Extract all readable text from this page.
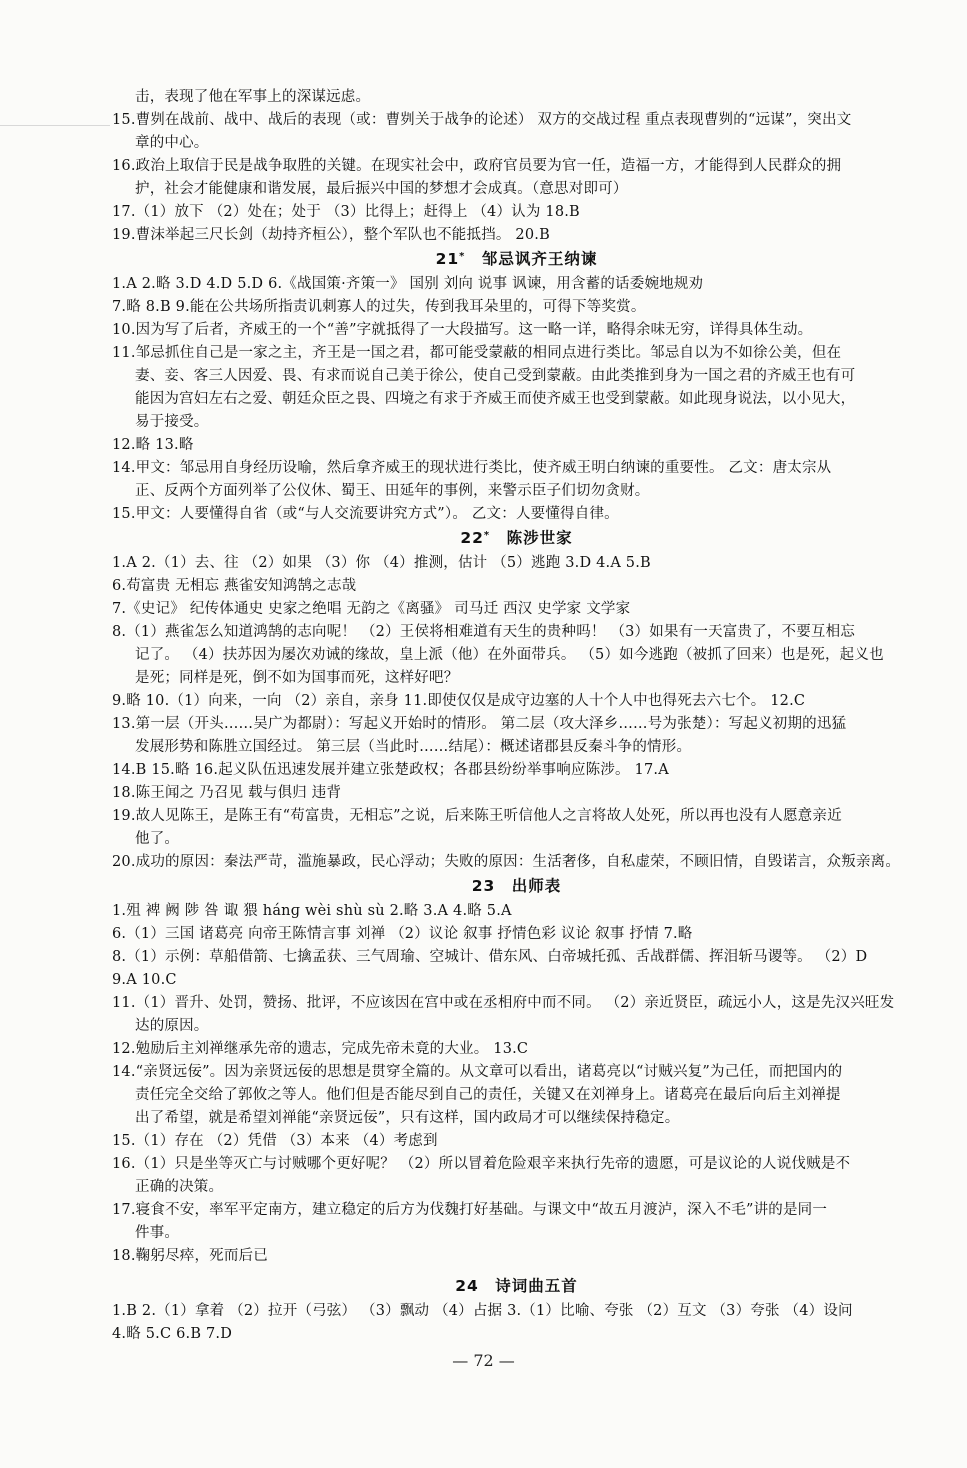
击，表现了他在军事上的深谋远虑。
15.曹刿在战前、战中、战后的表现（或：曹刿关于战争的论述） 双方的交战过程 重点表现曹刿的“远谋”，突出文
章的中心。
16.政治上取信于民是战争取胜的关键。在现实社会中，政府官员要为官一任，造福一方，才能得到人民群众的拥
护，社会才能健康和谐发展，最后振兴中国的梦想才会成真。（意思对即可）
17.（1）放下 （2）处在；处于 （3）比得上；赶得上 （4）认为 18.B
19.曹沫举起三尺长剑（劫持齐桓公），整个军队也不能抵挡。 20.B
21*  邹忌讽齐王纳谏
1.A 2.略 3.D 4.D 5.D 6.《战国策·齐策一》 国别 刘向 说事 讽谏，用含蓄的话委婉地规劝
7.略 8.B 9.能在公共场所指责讥刺寡人的过失，传到我耳朵里的，可得下等奖赏。
10.因为写了后者，齐威王的一个“善”字就抵得了一大段描写。这一略一详，略得余味无穷，详得具体生动。
11.邹忌抓住自己是一家之主，齐王是一国之君，都可能受蒙蔽的相同点进行类比。邹忌自以为不如徐公美，但在
妻、妾、客三人因爱、畏、有求而说自己美于徐公，使自己受到蒙蔽。由此类推到身为一国之君的齐威王也有可
能因为宫妇左右之爱、朝廷众臣之畏、四境之有求于齐威王而使齐威王也受到蒙蔽。如此现身说法，以小见大，
易于接受。
12.略 13.略
14.甲文：邹忌用自身经历设喻，然后拿齐威王的现状进行类比，使齐威王明白纳谏的重要性。 乙文：唐太宗从
正、反两个方面列举了公仪休、蜀王、田延年的事例，来警示臣子们切勿贪财。
15.甲文：人要懂得自省（或“与人交流要讲究方式”）。 乙文：人要懂得自律。
22*  陈涉世家
1.A 2.（1）去、往 （2）如果 （3）你 （4）推测，估计 （5）逃跑 3.D 4.A 5.B
6.苟富贵 无相忘 燕雀安知鸿鹄之志哉
7.《史记》 纪传体通史 史家之绝唱 无韵之《离骚》 司马迁 西汉 史学家 文学家
8.（1）燕雀怎么知道鸿鹄的志向呢！ （2）王侯将相难道有天生的贵种吗！ （3）如果有一天富贵了，不要互相忘
记了。 （4）扶苏因为屡次劝诫的缘故，皇上派（他）在外面带兵。 （5）如今逃跑（被抓了回来）也是死，起义也
是死；同样是死，倒不如为国事而死，这样好吧？
9.略 10.（1）向来，一向 （2）亲自，亲身 11.即使仅仅是成守边塞的人十个人中也得死去六七个。 12.C
13.第一层（开头……吴广为都尉）：写起义开始时的情形。 第二层（攻大泽乡……号为张楚）：写起义初期的迅猛
发展形势和陈胜立国经过。 第三层（当此时……结尾）：概述诸郡县反秦斗争的情形。
14.B 15.略 16.起义队伍迅速发展并建立张楚政权；各郡县纷纷举事响应陈涉。 17.A
18.陈王闻之 乃召见 载与俱归 违背
19.故人见陈王，是陈王有“苟富贵，无相忘”之说，后来陈王听信他人之言将故人处死，所以再也没有人愿意亲近
他了。
20.成功的原因：秦法严苛，滥施暴政，民心浮动；失败的原因：生活奢侈，自私虚荣，不顾旧情，自毁诺言，众叛亲离。
23  出师表
1.殂 裨 阙 陟 咎 诹 猥 hánɡ wèi shù sù 2.略 3.A 4.略 5.A
6.（1）三国 诸葛亮 向帝王陈情言事 刘禅 （2）议论 叙事 抒情色彩 议论 叙事 抒情 7.略
8.（1）示例：草船借箭、七擒孟获、三气周瑜、空城计、借东风、白帝城托孤、舌战群儒、挥泪斩马谡等。 （2）D
9.A 10.C
11.（1）晋升、处罚，赞扬、批评，不应该因在宫中或在丞相府中而不同。 （2）亲近贤臣，疏远小人，这是先汉兴旺发
达的原因。
12.勉励后主刘禅继承先帝的遗志，完成先帝未竟的大业。 13.C
14.“亲贤远佞”。因为亲贤远佞的思想是贯穿全篇的。从文章可以看出，诸葛亮以“讨贼兴复”为己任，而把国内的
责任完全交给了郭攸之等人。他们但是否能尽到自己的责任，关键又在刘禅身上。诸葛亮在最后向后主刘禅提
出了希望，就是希望刘禅能“亲贤远佞”，只有这样，国内政局才可以继续保持稳定。
15.（1）存在 （2）凭借 （3）本来 （4）考虑到
16.（1）只是坐等灭亡与讨贼哪个更好呢？ （2）所以冒着危险艰辛来执行先帝的遗愿，可是议论的人说伐贼是不
正确的决策。
17.寝食不安，率军平定南方，建立稳定的后方为伐魏打好基础。与课文中“故五月渡泸，深入不毛”讲的是同一
件事。
18.鞠躬尽瘁，死而后已
24  诗词曲五首
1.B 2.（1）拿着 （2）拉开（弓弦） （3）飘动 （4）占据 3.（1）比喻、夸张 （2）互文 （3）夸张 （4）设问
4.略 5.C 6.B 7.D
— 72 —
